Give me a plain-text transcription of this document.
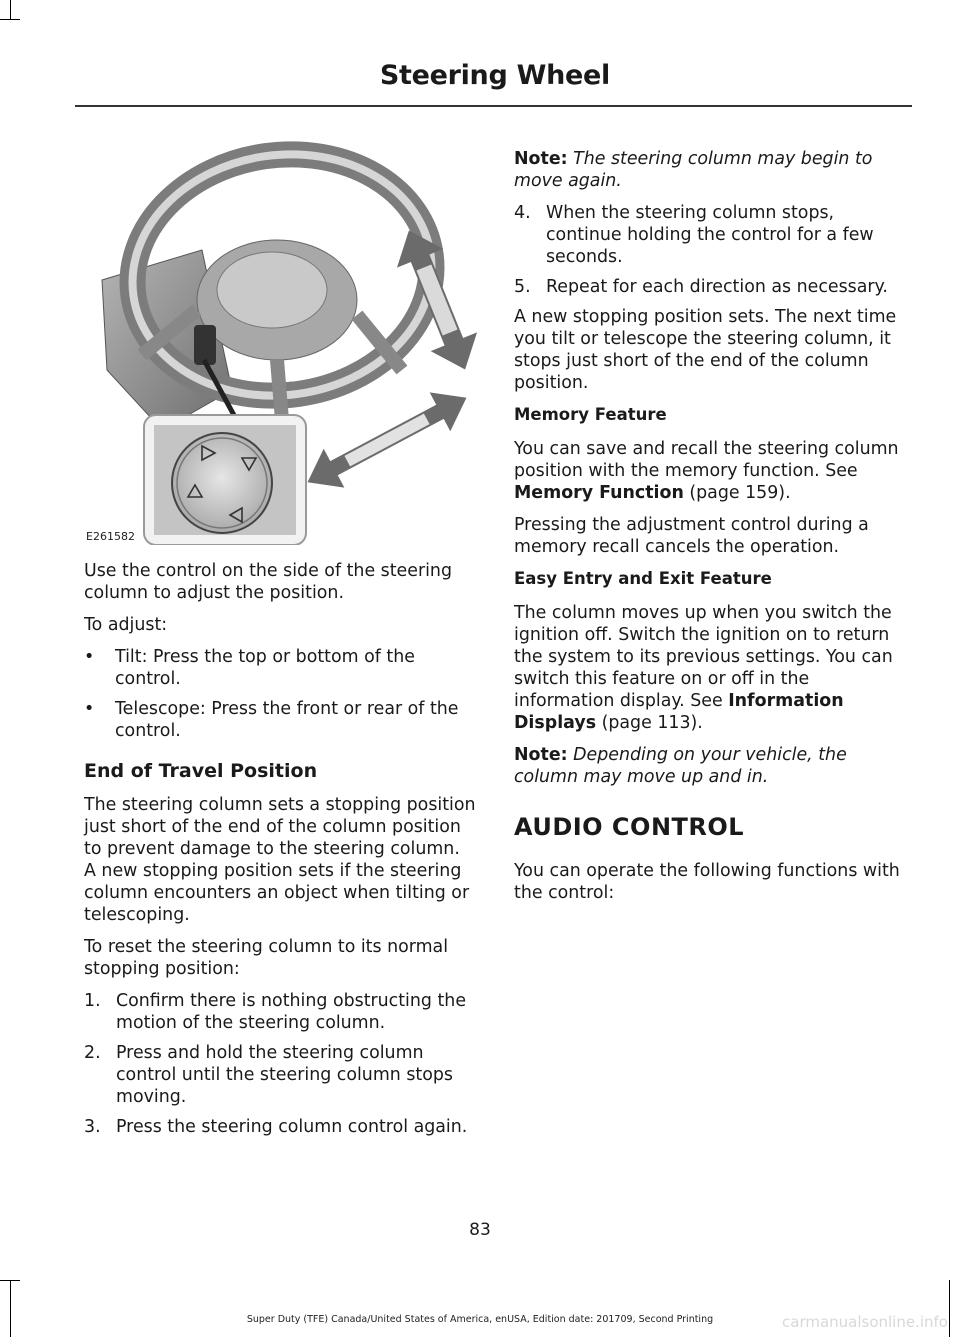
Steering Wheel
E261582

Use the control on the side of the steering column to adjust the position.

To adjust:

•	Tilt: Press the top or bottom of the control.
•	Telescope: Press the front or rear of the control.
End of Travel Position

The steering column sets a stopping position just short of the end of the column position to prevent damage to the steering column. A new stopping position sets if the steering column encounters an object when tilting or telescoping.

To reset the steering column to its normal stopping position:

1. Confirm there is nothing obstructing the motion of the steering column.
2. Press and hold the steering column control until the steering column stops moving.
3. Press the steering column control again.

Note: The steering column may begin to move again.

4. When the steering column stops, continue holding the control for a few seconds.
5. Repeat for each direction as necessary.

A new stopping position sets. The next time you tilt or telescope the steering column, it stops just short of the end of the column position.

Memory Feature

You can save and recall the steering column position with the memory function. See Memory Function (page 159).

Pressing the adjustment control during a memory recall cancels the operation.

Easy Entry and Exit Feature

The column moves up when you switch the ignition off. Switch the ignition on to return the system to its previous settings. You can switch this feature on or off in the information display. See Information Displays (page 113).

Note: Depending on your vehicle, the column may move up and in.

AUDIO CONTROL

You can operate the following functions with the control:

83
Super Duty (TFE) Canada/United States of America, enUSA, Edition date: 201709, Second Printing	carmanualsonline.info
